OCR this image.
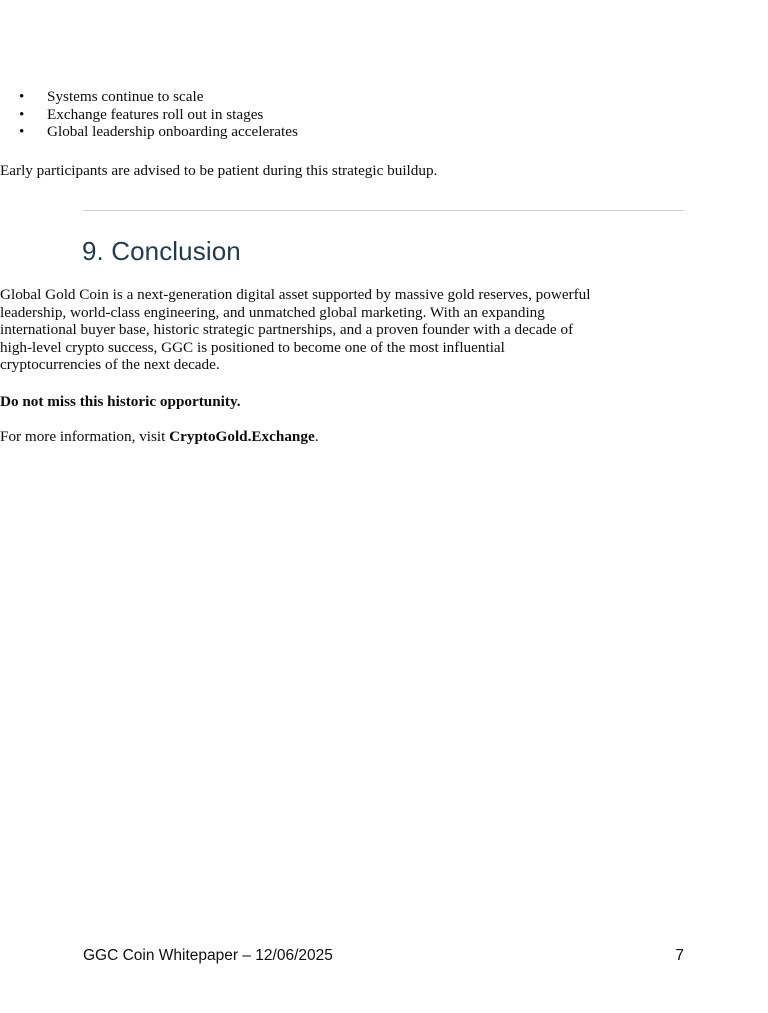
• Systems continue to scale
• Exchange features roll out in stages
• Global leadership onboarding accelerates

Early participants are advised to be patient during this strategic buildup.

9. Conclusion

Global Gold Coin is a next-generation digital asset supported by massive gold reserves, powerful leadership, world-class engineering, and unmatched global marketing. With an expanding international buyer base, historic strategic partnerships, and a proven founder with a decade of high-level crypto success, GGC is positioned to become one of the most influential cryptocurrencies of the next decade.

Do not miss this historic opportunity.

For more information, visit CryptoGold.Exchange.

GGC Coin Whitepaper – 12/06/2025	7
